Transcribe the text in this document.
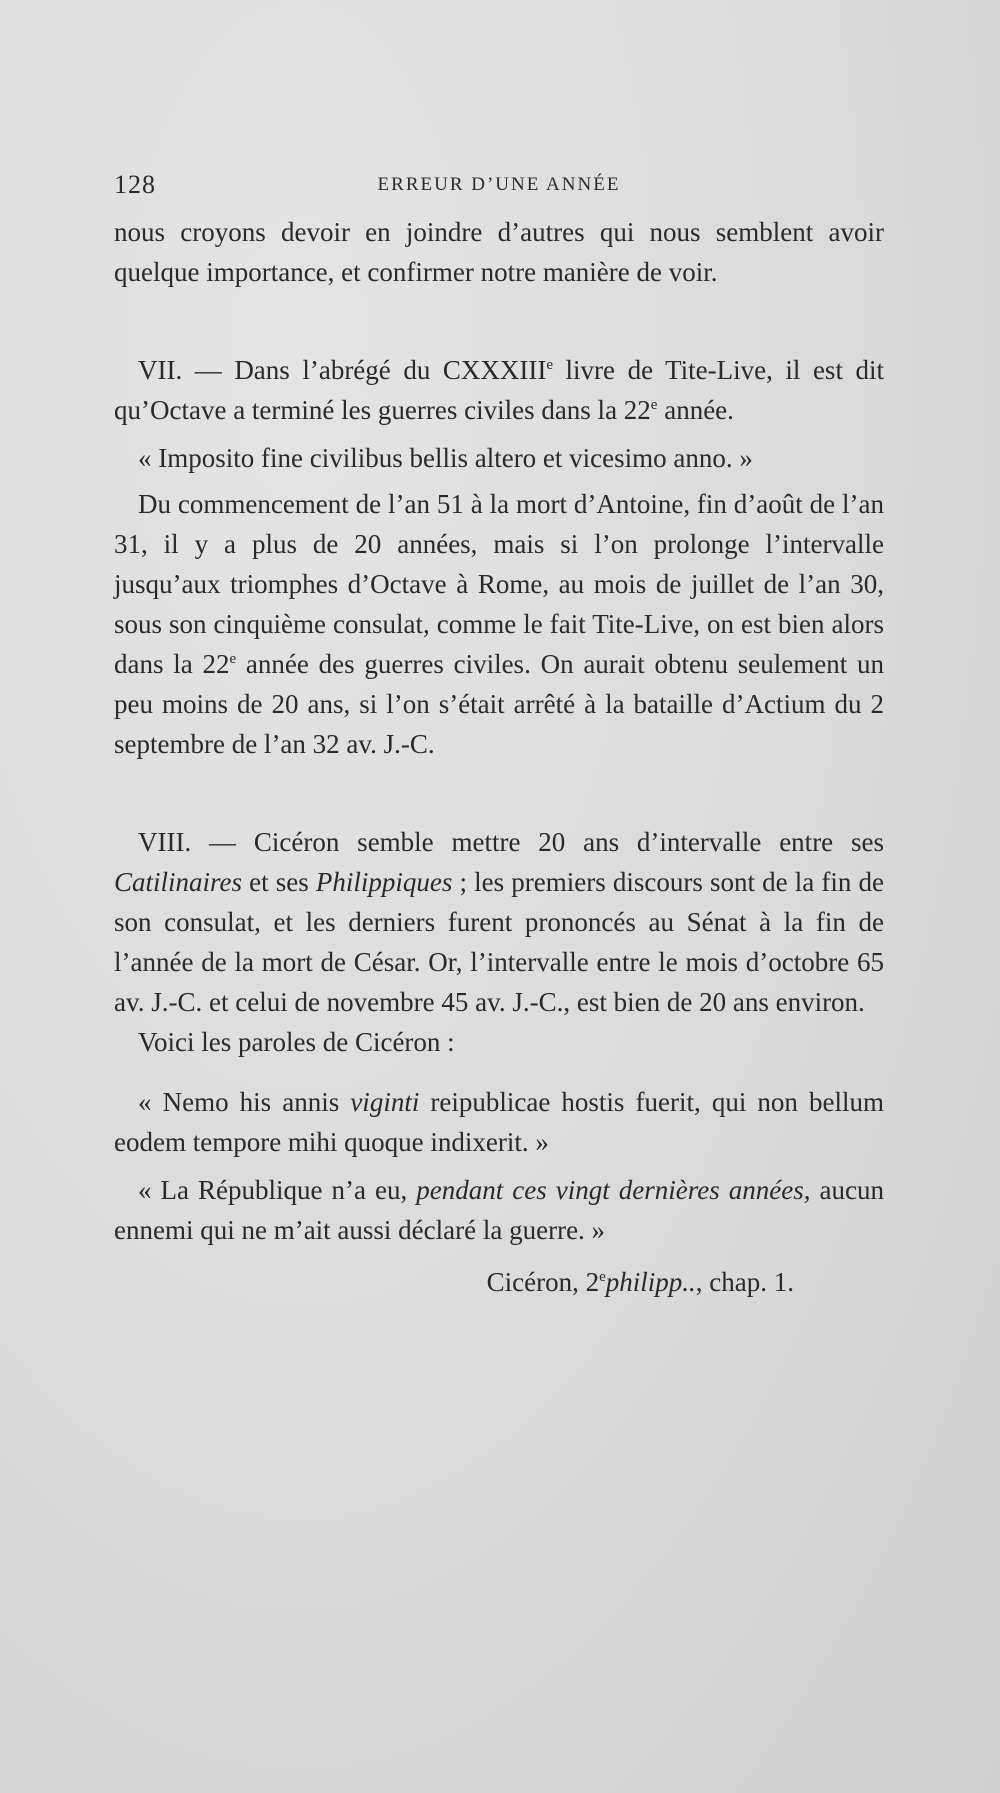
128	ERREUR D’UNE ANNÉE

nous croyons devoir en joindre d’autres qui nous semblent avoir quelque importance, et confirmer notre manière de voir.

VII. — Dans l’abrégé du CXXXIIIe livre de Tite-Live, il est dit qu’Octave a terminé les guerres civiles dans la 22e année.

« Imposito fine civilibus bellis altero et vicesimo anno. »

Du commencement de l’an 51 à la mort d’Antoine, fin d’août de l’an 31, il y a plus de 20 années, mais si l’on prolonge l’intervalle jusqu’aux triomphes d’Octave à Rome, au mois de juillet de l’an 30, sous son cinquième consulat, comme le fait Tite-Live, on est bien alors dans la 22e année des guerres civiles. On aurait obtenu seulement un peu moins de 20 ans, si l’on s’était arrêté à la bataille d’Actium du 2 septembre de l’an 32 av. J.-C.

VIII. — Cicéron semble mettre 20 ans d’intervalle entre ses Catilinaires et ses Philippiques ; les premiers discours sont de la fin de son consulat, et les derniers furent prononcés au Sénat à la fin de l’année de la mort de César. Or, l’intervalle entre le mois d’octobre 65 av. J.-C. et celui de novembre 45 av. J.-C., est bien de 20 ans environ.

Voici les paroles de Cicéron :

« Nemo his annis viginti reipublicae hostis fuerit, qui non bellum eodem tempore mihi quoque indixerit. »

« La République n’a eu, pendant ces vingt dernières années, aucun ennemi qui ne m’ait aussi déclaré la guerre. »

Cicéron, 2ephilipp.., chap. 1.
